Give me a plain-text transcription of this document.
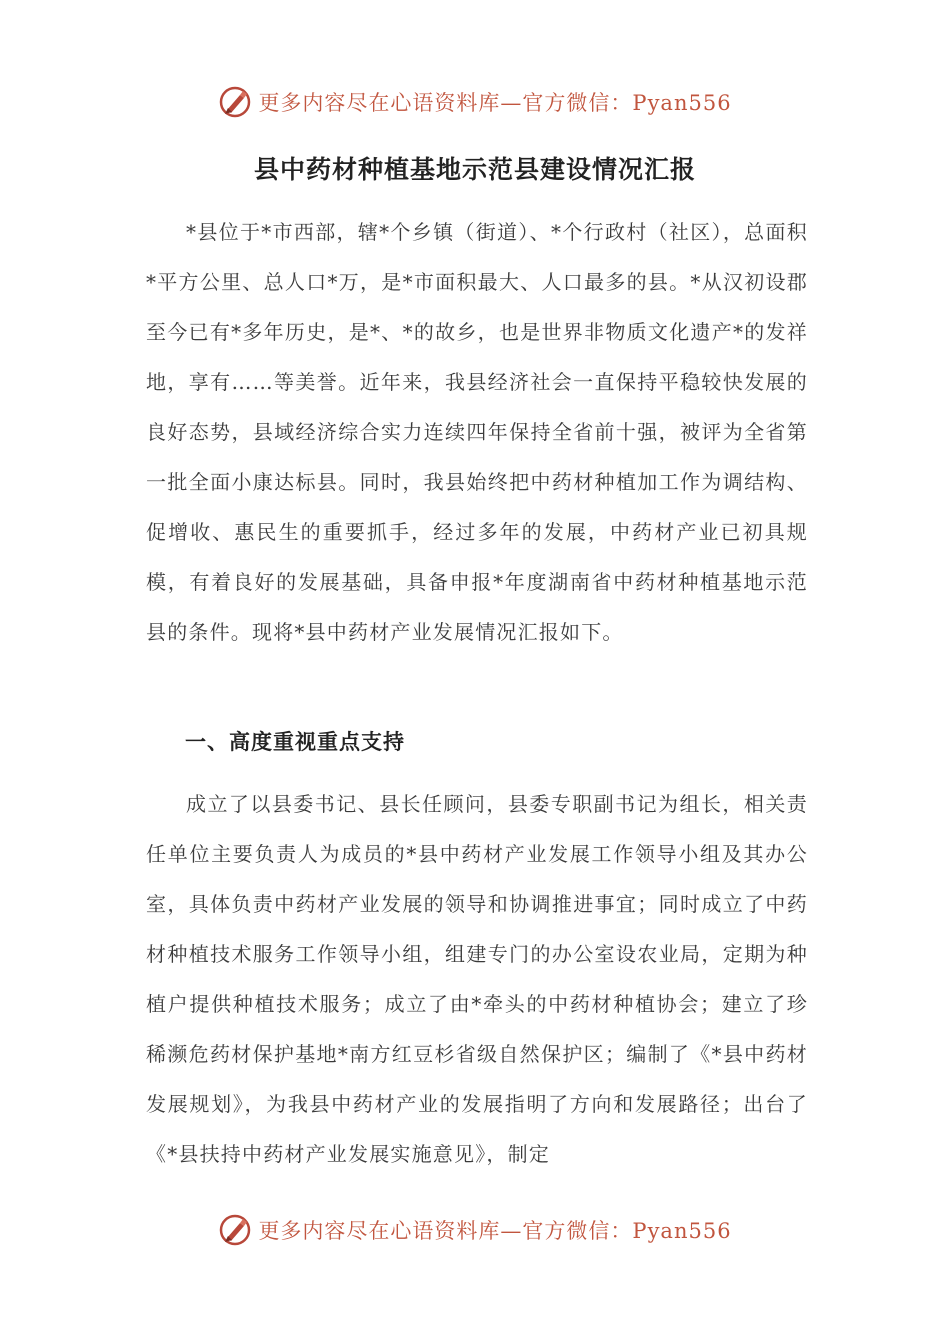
更多内容尽在心语资料库—官方微信：Pyan556
县中药材种植基地示范县建设情况汇报

*县位于*市西部，辖*个乡镇（街道）、*个行政村（社区），总面积*平方公里、总人口*万，是*市面积最大、人口最多的县。*从汉初设郡至今已有*多年历史，是*、*的故乡，也是世界非物质文化遗产*的发祥地，享有……等美誉。近年来，我县经济社会一直保持平稳较快发展的良好态势，县域经济综合实力连续四年保持全省前十强，被评为全省第一批全面小康达标县。同时，我县始终把中药材种植加工作为调结构、促增收、惠民生的重要抓手，经过多年的发展，中药材产业已初具规模，有着良好的发展基础，具备申报*年度湖南省中药材种植基地示范县的条件。现将*县中药材产业发展情况汇报如下。

一、高度重视重点支持

成立了以县委书记、县长任顾问，县委专职副书记为组长，相关责任单位主要负责人为成员的*县中药材产业发展工作领导小组及其办公室，具体负责中药材产业发展的领导和协调推进事宜；同时成立了中药材种植技术服务工作领导小组，组建专门的办公室设农业局，定期为种植户提供种植技术服务；成立了由*牵头的中药材种植协会；建立了珍稀濒危药材保护基地*南方红豆杉省级自然保护区；编制了《*县中药材发展规划》，为我县中药材产业的发展指明了方向和发展路径；出台了《*县扶持中药材产业发展实施意见》，制定

更多内容尽在心语资料库—官方微信：Pyan556
